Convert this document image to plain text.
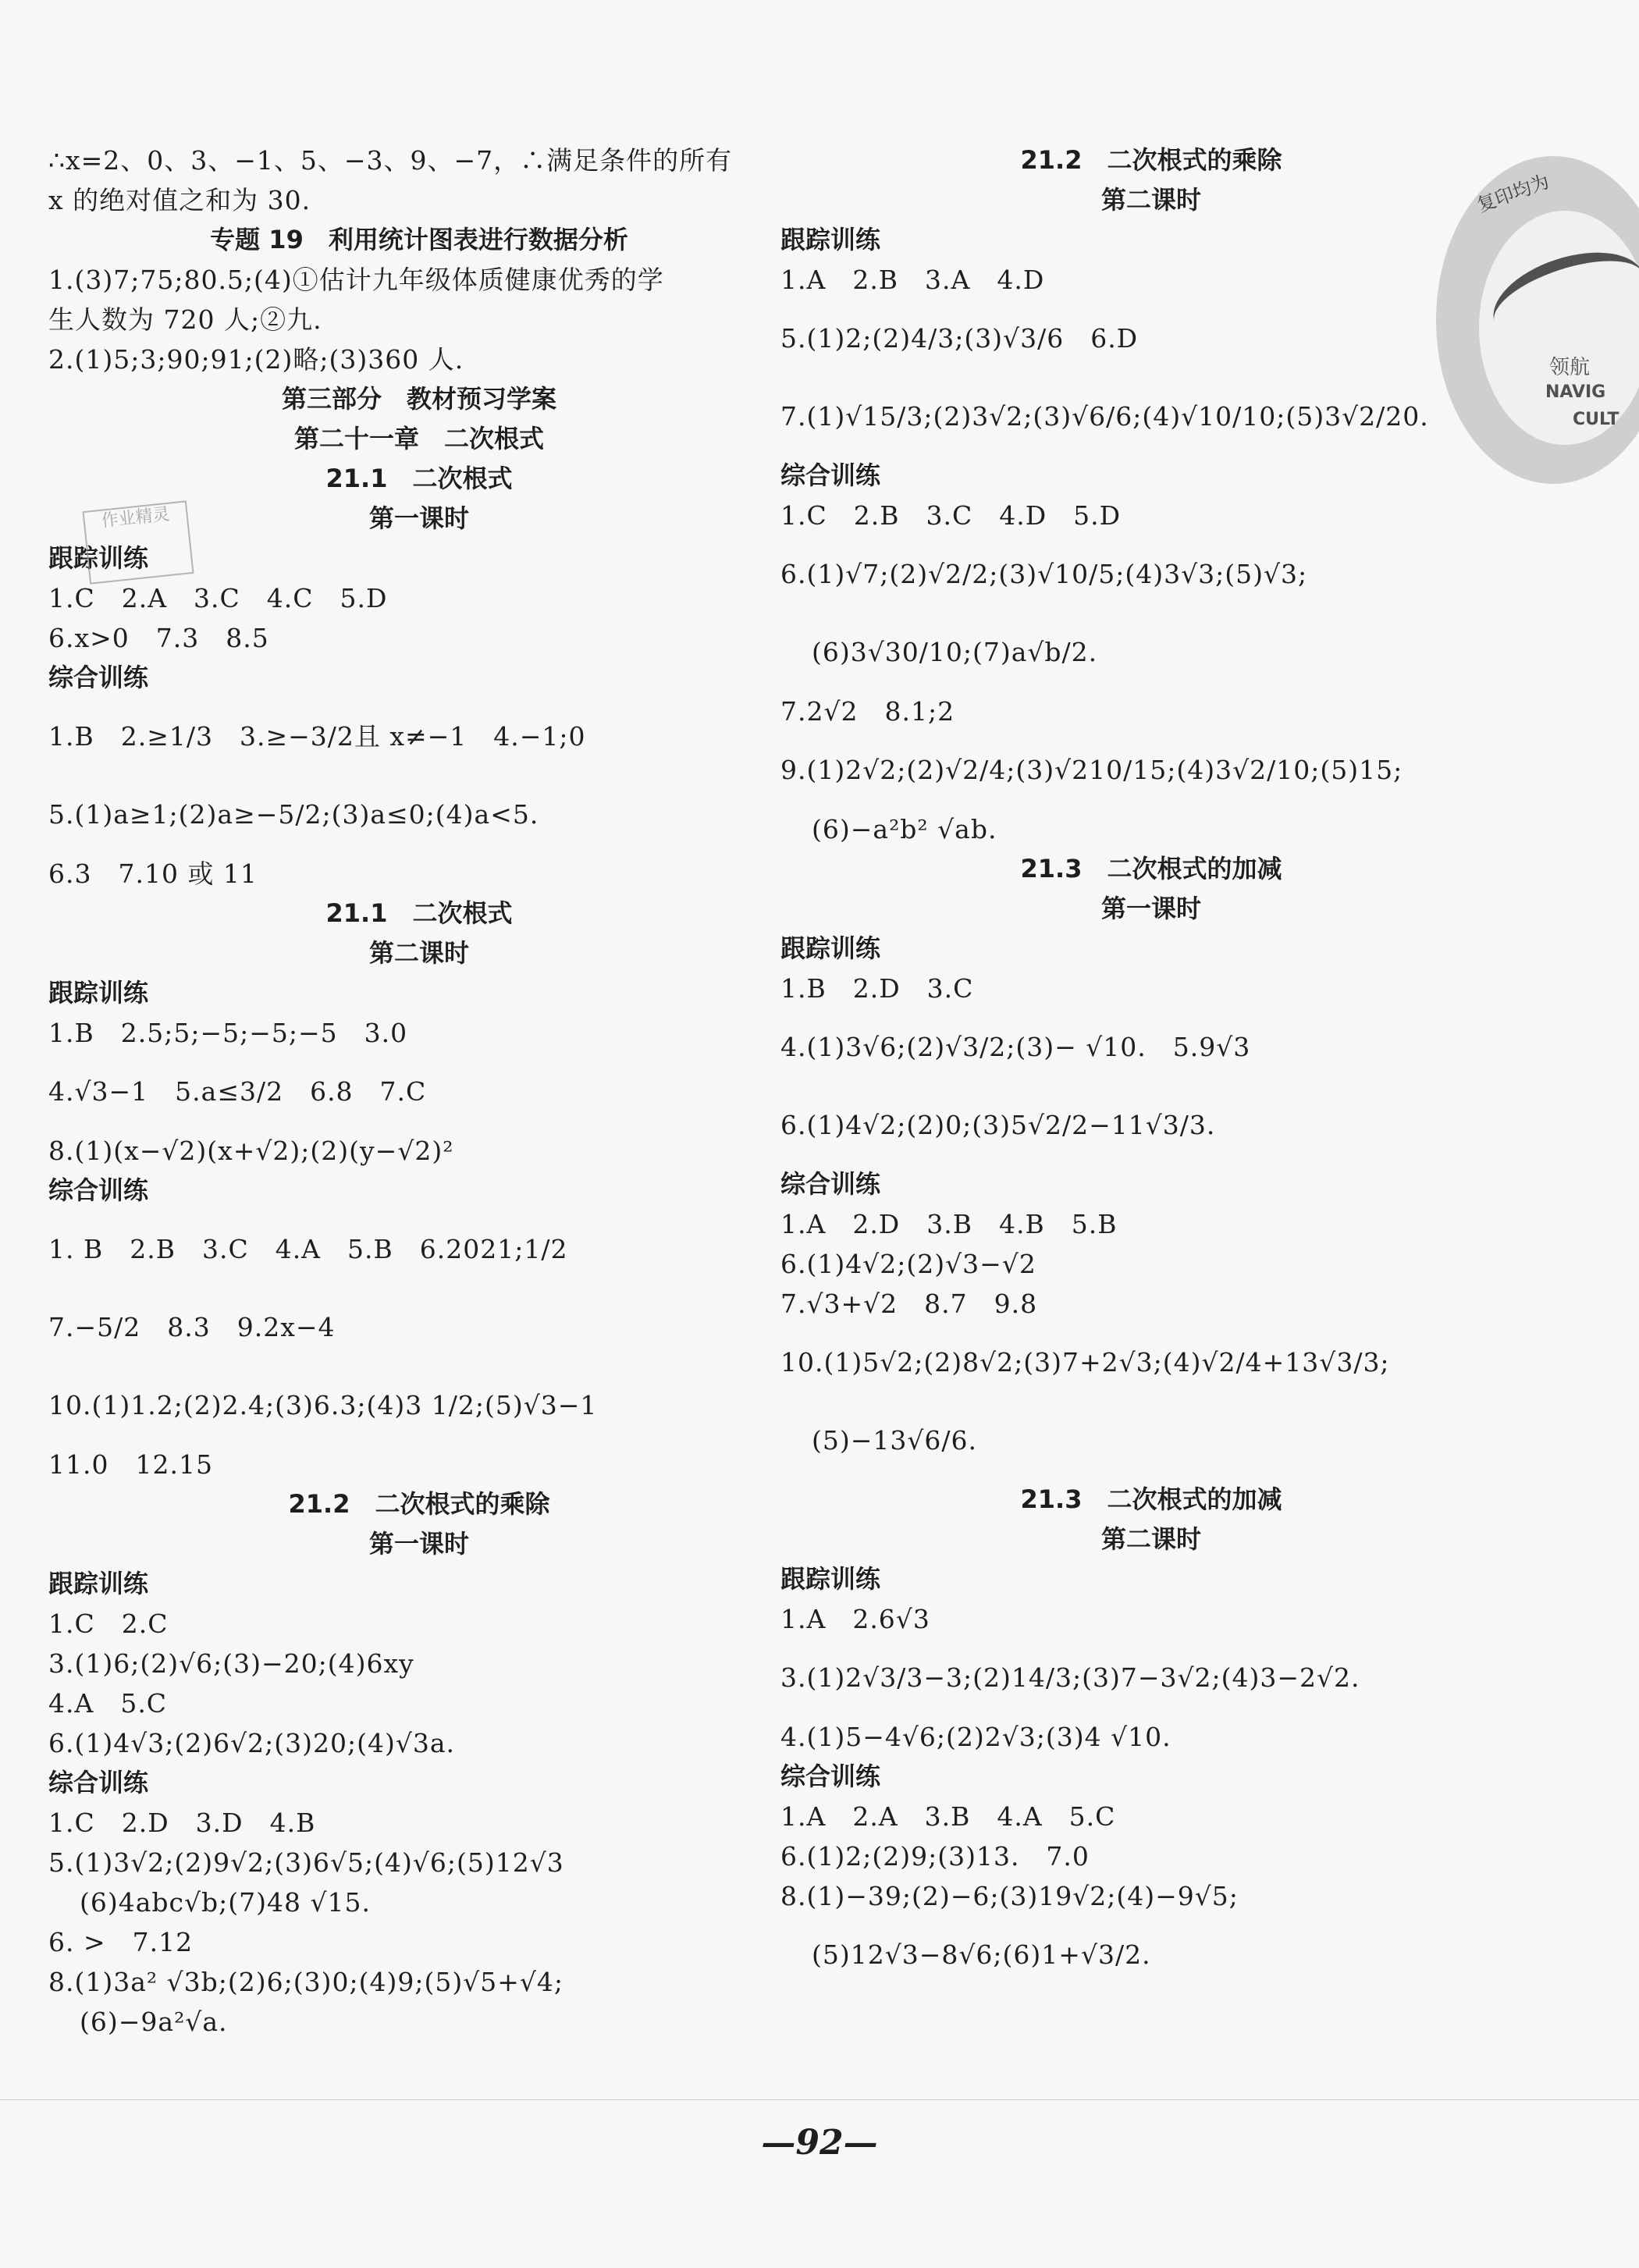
∴x=2、0、3、−1、5、−3、9、−7，∴满足条件的所有
x 的绝对值之和为 30.
专题 19　利用统计图表进行数据分析
1.(3)7;75;80.5;(4)①估计九年级体质健康优秀的学
生人数为 720 人;②九.
2.(1)5;3;90;91;(2)略;(3)360 人.
第三部分　教材预习学案
第二十一章　二次根式
21.1　二次根式
第一课时
跟踪训练
1.C　2.A　3.C　4.C　5.D
6.x>0　7.3　8.5
综合训练
1.B　2.≥1/3　3.≥−3/2且 x≠−1　4.−1;0
5.(1)a≥1;(2)a≥−5/2;(3)a≤0;(4)a<5.
6.3　7.10 或 11
21.1　二次根式
第二课时
跟踪训练
1.B　2.5;5;−5;−5;−5　3.0
4.√3−1　5.a≤3/2　6.8　7.C
8.(1)(x−√2)(x+√2);(2)(y−√2)²
综合训练
1. B　2.B　3.C　4.A　5.B　6.2021;1/2
7.−5/2　8.3　9.2x−4
10.(1)1.2;(2)2.4;(3)6.3;(4)3 1/2;(5)√3−1
11.0　12.15
21.2　二次根式的乘除
第一课时
跟踪训练
1.C　2.C
3.(1)6;(2)√6;(3)−20;(4)6xy
4.A　5.C
6.(1)4√3;(2)6√2;(3)20;(4)√3a.
综合训练
1.C　2.D　3.D　4.B
5.(1)3√2;(2)9√2;(3)6√5;(4)√6;(5)12√3
(6)4abc√b;(7)48 √15.
6. >　7.12
8.(1)3a² √3b;(2)6;(3)0;(4)9;(5)√5+√4;
(6)−9a²√a.
21.2　二次根式的乘除
第二课时
跟踪训练
1.A　2.B　3.A　4.D
5.(1)2;(2)4/3;(3)√3/6　6.D
7.(1)√15/3;(2)3√2;(3)√6/6;(4)√10/10;(5)3√2/20.
综合训练
1.C　2.B　3.C　4.D　5.D
6.(1)√7;(2)√2/2;(3)√10/5;(4)3√3;(5)√3;
(6)3√30/10;(7)a√b/2.
7.2√2　8.1;2
9.(1)2√2;(2)√2/4;(3)√210/15;(4)3√2/10;(5)15;
(6)−a²b² √ab.
21.3　二次根式的加减
第一课时
跟踪训练
1.B　2.D　3.C
4.(1)3√6;(2)√3/2;(3)− √10.　5.9√3
6.(1)4√2;(2)0;(3)5√2/2−11√3/3.
综合训练
1.A　2.D　3.B　4.B　5.B
6.(1)4√2;(2)√3−√2
7.√3+√2　8.7　9.8
10.(1)5√2;(2)8√2;(3)7+2√3;(4)√2/4+13√3/3;
(5)−13√6/6.
21.3　二次根式的加减
第二课时
跟踪训练
1.A　2.6√3
3.(1)2√3/3−3;(2)14/3;(3)7−3√2;(4)3−2√2.
4.(1)5−4√6;(2)2√3;(3)4 √10.
综合训练
1.A　2.A　3.B　4.A　5.C
6.(1)2;(2)9;(3)13.　7.0
8.(1)−39;(2)−6;(3)19√2;(4)−9√5;
(5)12√3−8√6;(6)1+√3/2.
复印均为
领航
NAVIG
CULT
作业精灵
—92—
